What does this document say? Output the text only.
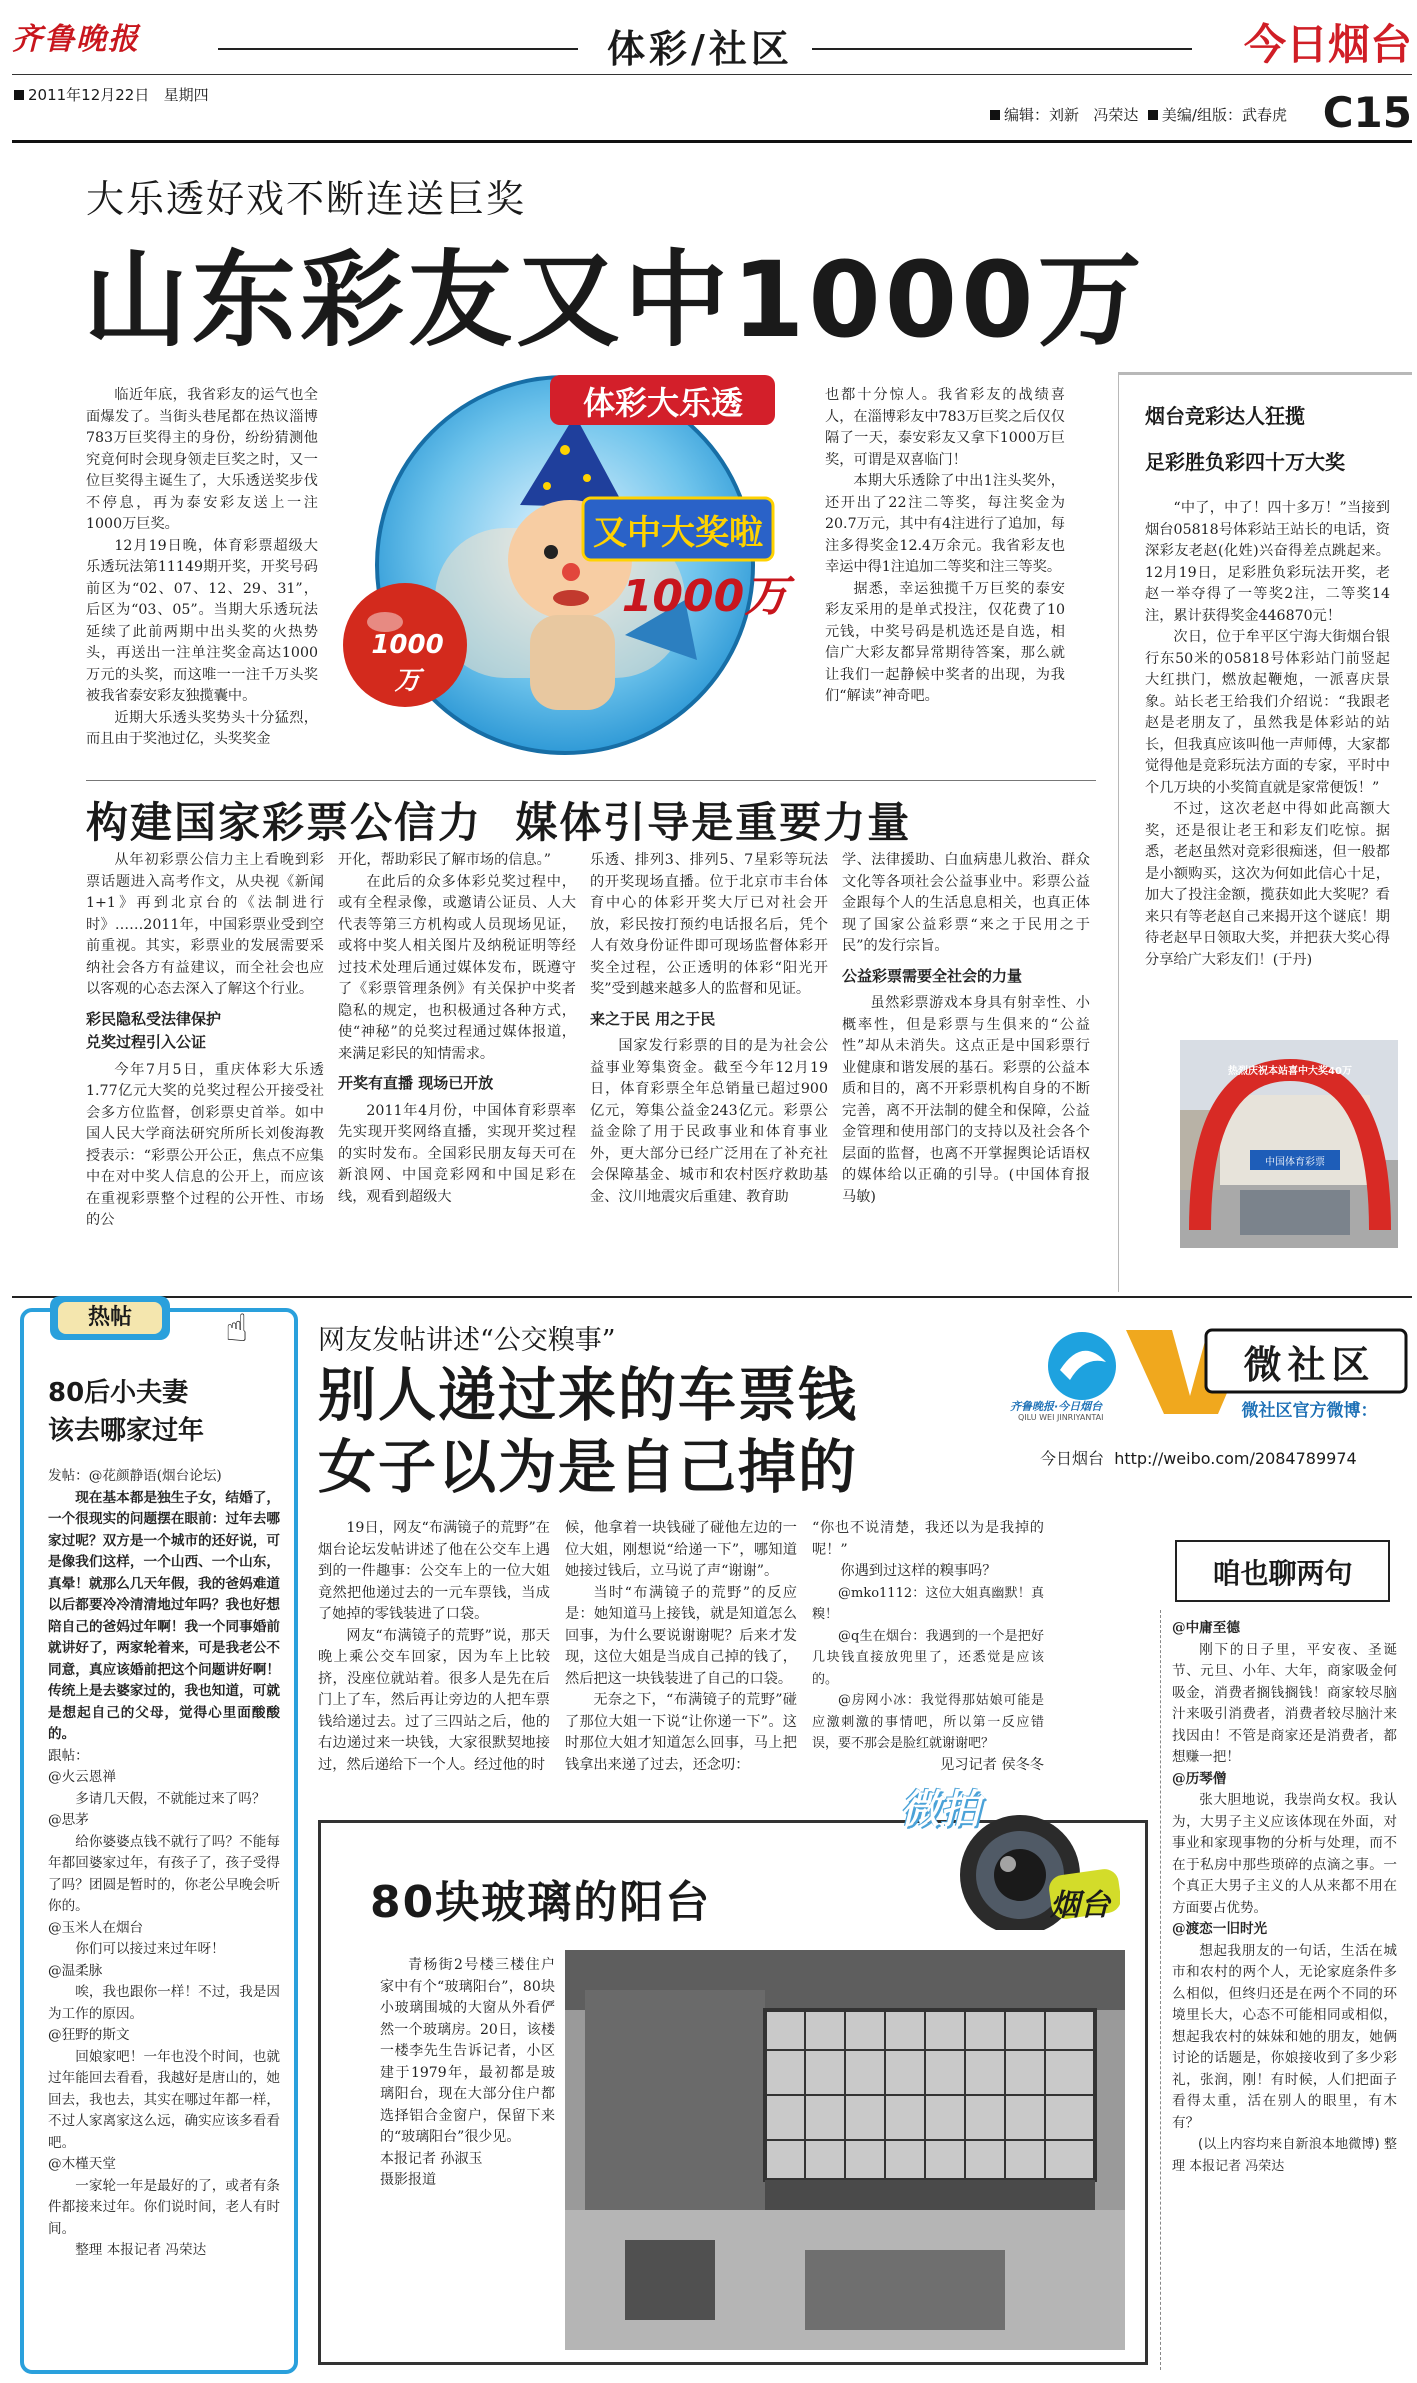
齐鲁晚报	体彩/社区	今日烟台
2011年12月22日 星期四
编辑：刘新 冯荣达 美编/组版：武春虎 C15
大乐透好戏不断连送巨奖
山东彩友又中1000万
体彩大乐透
又中大奖啦
1000万
1000万

临近年底，我省彩友的运气也全面爆发了。当街头巷尾都在热议淄博783万巨奖得主的身份，纷纷猜测他究竟何时会现身领走巨奖之时，又一位巨奖得主诞生了，大乐透送奖步伐不停息，再为泰安彩友送上一注1000万巨奖。

12月19日晚，体育彩票超级大乐透玩法第11149期开奖，开奖号码前区为“02、07、12、29、31”，后区为“03、05”。当期大乐透玩法延续了此前两期中出头奖的火热势头，再送出一注单注奖金高达1000万元的头奖，而这唯一一注千万头奖被我省泰安彩友独揽囊中。

近期大乐透头奖势头十分猛烈，而且由于奖池过亿，头奖奖金

也都十分惊人。我省彩友的战绩喜人，在淄博彩友中783万巨奖之后仅仅隔了一天，泰安彩友又拿下1000万巨奖，可谓是双喜临门！

本期大乐透除了中出1注头奖外，还开出了22注二等奖，每注奖金为20.7万元，其中有4注进行了追加，每注多得奖金12.4万余元。我省彩友也幸运中得1注追加二等奖和注三等奖。

据悉，幸运独揽千万巨奖的泰安彩友采用的是单式投注，仅花费了10元钱，中奖号码是机选还是自选，相信广大彩友都异常期待答案，那么就让我们一起静候中奖者的出现，为我们“解读”神奇吧。

烟台竞彩达人狂揽
足彩胜负彩四十万大奖

“中了，中了！四十多万！”当接到烟台05818号体彩站王站长的电话，资深彩友老赵(化姓)兴奋得差点跳起来。12月19日，足彩胜负彩玩法开奖，老赵一举夺得了一等奖2注，二等奖14注，累计获得奖金446870元！

次日，位于牟平区宁海大街烟台银行东50米的05818号体彩站门前竖起大红拱门，燃放起鞭炮，一派喜庆景象。站长老王给我们介绍说：“我跟老赵是老朋友了，虽然我是体彩站的站长，但我真应该叫他一声师傅，大家都觉得他是竞彩玩法方面的专家，平时中个几万块的小奖简直就是家常便饭！”

不过，这次老赵中得如此高额大奖，还是很让老王和彩友们吃惊。据悉，老赵虽然对竞彩很痴迷，但一般都是小额购买，这次为何如此信心十足，加大了投注金额，揽获如此大奖呢？看来只有等老赵自己来揭开这个谜底！期待老赵早日领取大奖，并把获大奖心得分享给广大彩友们！(于丹)

热烈庆祝本站喜中大奖40万
中国体育彩票
构建国家彩票公信力  媒体引导是重要力量

从年初彩票公信力主上看晚到彩票话题进入高考作文，从央视《新闻1+1》再到北京台的《法制进行时》……2011年，中国彩票业受到空前重视。其实，彩票业的发展需要采纳社会各方有益建议，而全社会也应以客观的心态去深入了解这个行业。

彩民隐私受法律保护

兑奖过程引入公证

今年7月5日，重庆体彩大乐透1.77亿元大奖的兑奖过程公开接受社会多方位监督，创彩票史首举。如中国人民大学商法研究所所长刘俊海教授表示：“彩票公开公正，焦点不应集中在对中奖人信息的公开上，而应该在重视彩票整个过程的公开性、市场的公

开化，帮助彩民了解市场的信息。”

在此后的众多体彩兑奖过程中，或有全程录像，或邀请公证员、人大代表等第三方机构或人员现场见证，或将中奖人相关图片及纳税证明等经过技术处理后通过媒体发布，既遵守了《彩票管理条例》有关保护中奖者隐私的规定，也积极通过各种方式，使“神秘”的兑奖过程通过媒体报道，来满足彩民的知情需求。

开奖有直播 现场已开放

2011年4月份，中国体育彩票率先实现开奖网络直播，实现开奖过程的实时发布。全国彩民朋友每天可在新浪网、中国竞彩网和中国足彩在线，观看到超级大

乐透、排列3、排列5、7星彩等玩法的开奖现场直播。位于北京市丰台体育中心的体彩开奖大厅已对社会开放，彩民按打预约电话报名后，凭个人有效身份证件即可现场监督体彩开奖全过程，公正透明的体彩“阳光开奖”受到越来越多人的监督和见证。

来之于民 用之于民

国家发行彩票的目的是为社会公益事业筹集资金。截至今年12月19日，体育彩票全年总销量已超过900亿元，筹集公益金243亿元。彩票公益金除了用于民政事业和体育事业外，更大部分已经广泛用在了补充社会保障基金、城市和农村医疗救助基金、汶川地震灾后重建、教育助

学、法律援助、白血病患儿救治、群众文化等各项社会公益事业中。彩票公益金跟每个人的生活息息相关，也真正体现了国家公益彩票“来之于民用之于民”的发行宗旨。

公益彩票需要全社会的力量

虽然彩票游戏本身具有射幸性、小概率性，但是彩票与生俱来的“公益性”却从未消失。这点正是中国彩票行业健康和谐发展的基石。彩票的公益本质和目的，离不开彩票机构自身的不断完善，离不开法制的健全和保障，公益金管理和使用部门的支持以及社会各个层面的监督，也离不开掌握舆论话语权的媒体给以正确的引导。(中国体育报 马敏)

热帖	☝
80后小夫妻
该去哪家过年

发帖：@花颜静语(烟台论坛)

现在基本都是独生子女，结婚了，一个很现实的问题摆在眼前：过年去哪家过呢？双方是一个城市的还好说，可是像我们这样，一个山西、一个山东，真晕！就那么几天年假，我的爸妈难道以后都要冷冷清清地过年吗？我也好想陪自己的爸妈过年啊！我一个同事婚前就讲好了，两家轮着来，可是我老公不同意，真应该婚前把这个问题讲好啊！传统上是去婆家过的，我也知道，可就是想起自己的父母，觉得心里面酸酸的。

跟帖：

@火云恩禅

多请几天假，不就能过来了吗？

@思茅

给你婆婆点钱不就行了吗？不能每年都回婆家过年，有孩子了，孩子受得了吗？团圆是暂时的，你老公早晚会听你的。

@玉米人在烟台

你们可以接过来过年呀！

@温柔脉

唉，我也跟你一样！不过，我是因为工作的原因。

@狂野的斯文

回娘家吧！一年也没个时间，也就过年能回去看看，我越好是唐山的，她回去，我也去，其实在哪过年都一样，不过人家离家这么远，确实应该多看看吧。

@木槿天堂

一家轮一年是最好的了，或者有条件都接来过年。你们说时间，老人有时间。

整理 本报记者 冯荣达

网友发帖讲述“公交糗事”
别人递过来的车票钱
女子以为是自己掉的
齐鲁晚报·今日烟台
QILU WEI JINRIYANTAI
微社区
微社区官方微博：
今日烟台 http://weibo.com/2084789974

19日，网友“布满镜子的荒野”在烟台论坛发帖讲述了他在公交车上遇到的一件趣事：公交车上的一位大姐竟然把他递过去的一元车票钱，当成了她掉的零钱装进了口袋。

网友“布满镜子的荒野”说，那天晚上乘公交车回家，因为车上比较挤，没座位就站着。很多人是先在后门上了车，然后再让旁边的人把车票钱给递过去。过了三四站之后，他的右边递过来一块钱，大家很默契地接过，然后递给下一个人。经过他的时

候，他拿着一块钱碰了碰他左边的一位大姐，刚想说“给递一下”，哪知道她接过钱后，立马说了声“谢谢”。

当时“布满镜子的荒野”的反应是：她知道马上接钱，就是知道怎么回事，为什么要说谢谢呢？后来才发现，这位大姐是当成自己掉的钱了，然后把这一块钱装进了自己的口袋。

无奈之下，“布满镜子的荒野”碰了那位大姐一下说“让你递一下”。这时那位大姐才知道怎么回事，马上把钱拿出来递了过去，还念叨：

“你也不说清楚，我还以为是我掉的呢！”

你遇到过这样的糗事吗？

@mko1112：这位大姐真幽默！真糗！

@q生在烟台：我遇到的一个是把好几块钱直接放兜里了，还悉觉是应该的。

@房网小冰：我觉得那姑娘可能是应激刺激的事情吧，所以第一反应错误，要不那会是脸红就谢谢吧？

见习记者 侯冬冬

咱也聊两句

@中庸至德

刚下的日子里，平安夜、圣诞节、元旦、小年、大年，商家吸金何吸金，消费者搁钱搁钱！商家较尽脑汁来吸引消费者，消费者较尽脑汁来找因由！不管是商家还是消费者，都想赚一把！

@历琴僧

张大胆地说，我崇尚女权。我认为，大男子主义应该体现在外面，对事业和家现事物的分析与处理，而不在于私房中那些琐碎的点滴之事。一个真正大男子主义的人从来都不用在方面要占优势。

@渡恋一旧时光

想起我朋友的一句话，生活在城市和农村的两个人，无论家庭条件多么相似，但终归还是在两个不同的环境里长大，心态不可能相同或相似，想起我农村的妹妹和她的朋友，她俩讨论的话题是，你娘接收到了多少彩礼，张润，刚！有时候，人们把面子看得太重，活在别人的眼里，有木有？

(以上内容均来自新浪本地微博) 整理 本报记者 冯荣达

80块玻璃的阳台
微拍
烟台

青杨街2号楼三楼住户家中有个“玻璃阳台”，80块小玻璃围城的大窗从外看俨然一个玻璃房。20日，该楼一楼李先生告诉记者，小区建于1979年，最初都是玻璃阳台，现在大部分住户都选择铝合金窗户，保留下来的“玻璃阳台”很少见。

本报记者 孙淑玉

摄影报道
